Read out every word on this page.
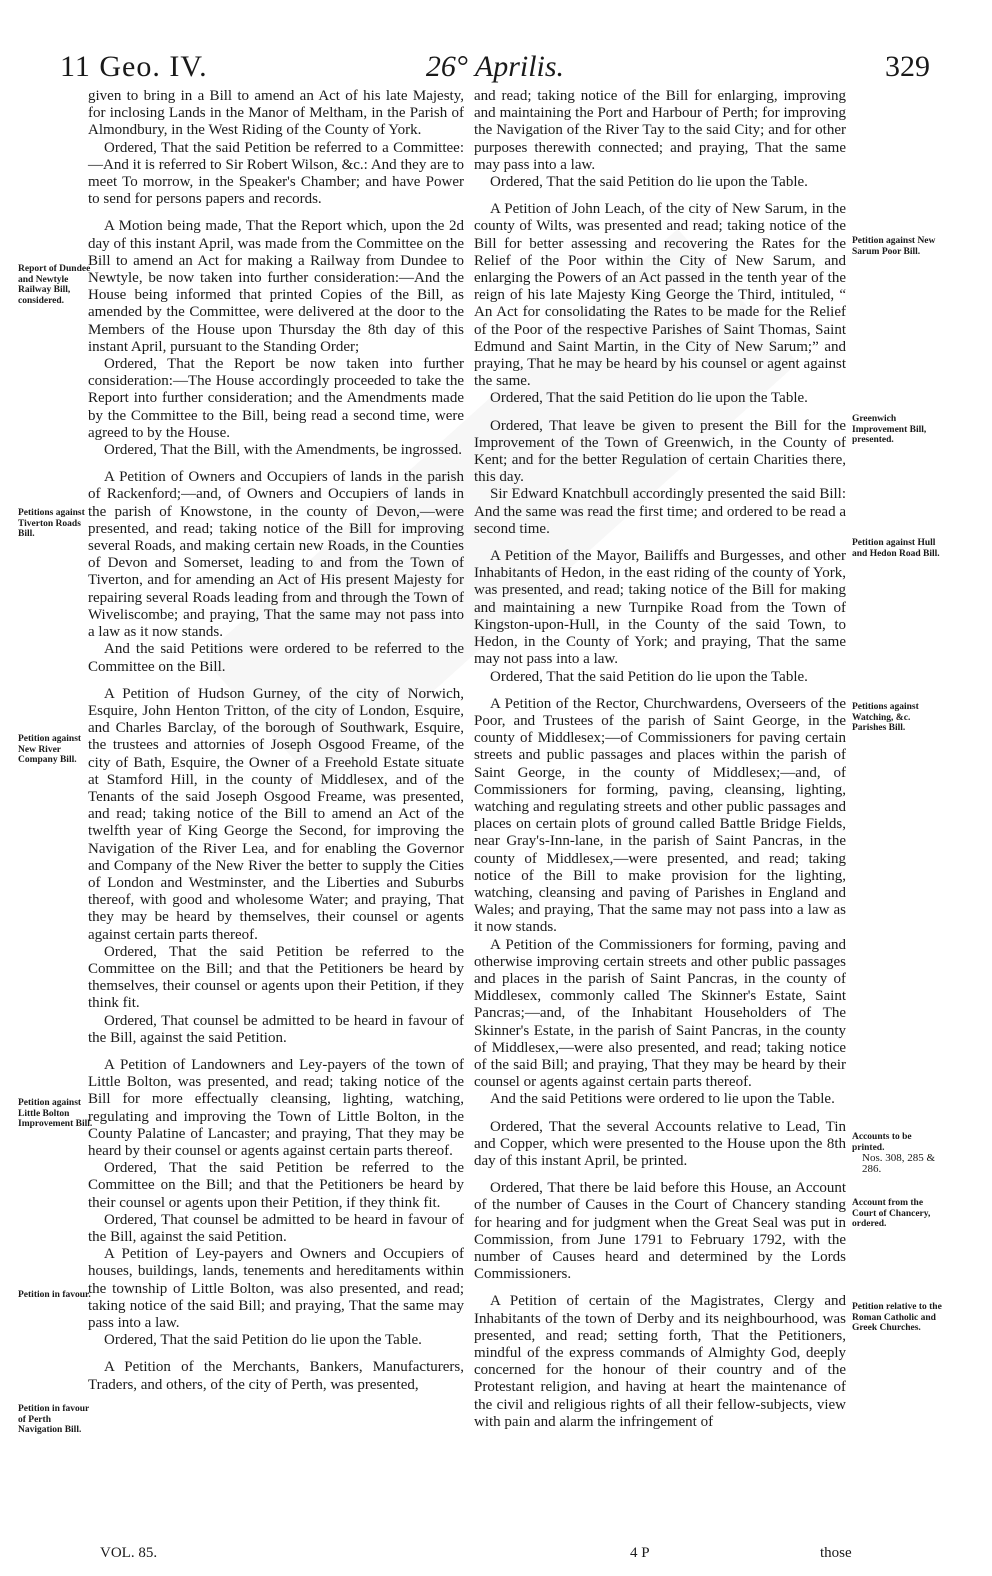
11 Geo. IV.	26° Aprilis.	329
Report of Dundee and Newtyle Railway Bill, considered.
Petitions against Tiverton Roads Bill.
Petition against New River Company Bill.
Petition against Little Bolton Improvement Bill.
Petition in favour.
Petition in favour of Perth Navigation Bill.
Petition against New Sarum Poor Bill.
Greenwich Improvement Bill, presented.
Petition against Hull and Hedon Road Bill.
Petitions against Watching, &c. Parishes Bill.
Accounts to be printed.
Nos. 308, 285 & 286.
Account from the Court of Chancery, ordered.
Petition relative to the Roman Catholic and Greek Churches.

given to bring in a Bill to amend an Act of his late Majesty, for inclosing Lands in the Manor of Meltham, in the Parish of Almondbury, in the West Riding of the County of York.

Ordered, That the said Petition be referred to a Committee:—And it is referred to Sir Robert Wilson, &c.: And they are to meet To morrow, in the Speaker's Chamber; and have Power to send for persons papers and records.

A Motion being made, That the Report which, upon the 2d day of this instant April, was made from the Committee on the Bill to amend an Act for making a Railway from Dundee to Newtyle, be now taken into further consideration:—And the House being informed that printed Copies of the Bill, as amended by the Committee, were delivered at the door to the Members of the House upon Thursday the 8th day of this instant April, pursuant to the Standing Order;

Ordered, That the Report be now taken into further consideration:—The House accordingly proceeded to take the Report into further consideration; and the Amendments made by the Committee to the Bill, being read a second time, were agreed to by the House.

Ordered, That the Bill, with the Amendments, be ingrossed.

A Petition of Owners and Occupiers of lands in the parish of Rackenford;—and, of Owners and Occupiers of lands in the parish of Knowstone, in the county of Devon,—were presented, and read; taking notice of the Bill for improving several Roads, and making certain new Roads, in the Counties of Devon and Somerset, leading to and from the Town of Tiverton, and for amending an Act of His present Majesty for repairing several Roads leading from and through the Town of Wiveliscombe; and praying, That the same may not pass into a law as it now stands.

And the said Petitions were ordered to be referred to the Committee on the Bill.

A Petition of Hudson Gurney, of the city of Norwich, Esquire, John Henton Tritton, of the city of London, Esquire, and Charles Barclay, of the borough of Southwark, Esquire, the trustees and attornies of Joseph Osgood Freame, of the city of Bath, Esquire, the Owner of a Freehold Estate situate at Stamford Hill, in the county of Middlesex, and of the Tenants of the said Joseph Osgood Freame, was presented, and read; taking notice of the Bill to amend an Act of the twelfth year of King George the Second, for improving the Navigation of the River Lea, and for enabling the Governor and Company of the New River the better to supply the Cities of London and Westminster, and the Liberties and Suburbs thereof, with good and wholesome Water; and praying, That they may be heard by themselves, their counsel or agents against certain parts thereof.

Ordered, That the said Petition be referred to the Committee on the Bill; and that the Petitioners be heard by themselves, their counsel or agents upon their Petition, if they think fit.

Ordered, That counsel be admitted to be heard in favour of the Bill, against the said Petition.

A Petition of Landowners and Ley-payers of the town of Little Bolton, was presented, and read; taking notice of the Bill for more effectually cleansing, lighting, watching, regulating and improving the Town of Little Bolton, in the County Palatine of Lancaster; and praying, That they may be heard by their counsel or agents against certain parts thereof.

Ordered, That the said Petition be referred to the Committee on the Bill; and that the Petitioners be heard by their counsel or agents upon their Petition, if they think fit.

Ordered, That counsel be admitted to be heard in favour of the Bill, against the said Petition.

A Petition of Ley-payers and Owners and Occupiers of houses, buildings, lands, tenements and hereditaments within the township of Little Bolton, was also presented, and read; taking notice of the said Bill; and praying, That the same may pass into a law.

Ordered, That the said Petition do lie upon the Table.

A Petition of the Merchants, Bankers, Manufacturers, Traders, and others, of the city of Perth, was presented,

and read; taking notice of the Bill for enlarging, improving and maintaining the Port and Harbour of Perth; for improving the Navigation of the River Tay to the said City; and for other purposes therewith connected; and praying, That the same may pass into a law.

Ordered, That the said Petition do lie upon the Table.

A Petition of John Leach, of the city of New Sarum, in the county of Wilts, was presented and read; taking notice of the Bill for better assessing and recovering the Rates for the Relief of the Poor within the City of New Sarum, and enlarging the Powers of an Act passed in the tenth year of the reign of his late Majesty King George the Third, intituled, “ An Act for consolidating the Rates to be made for the Relief of the Poor of the respective Parishes of Saint Thomas, Saint Edmund and Saint Martin, in the City of New Sarum;” and praying, That he may be heard by his counsel or agent against the same.

Ordered, That the said Petition do lie upon the Table.

Ordered, That leave be given to present the Bill for the Improvement of the Town of Greenwich, in the County of Kent; and for the better Regulation of certain Charities there, this day.

Sir Edward Knatchbull accordingly presented the said Bill: And the same was read the first time; and ordered to be read a second time.

A Petition of the Mayor, Bailiffs and Burgesses, and other Inhabitants of Hedon, in the east riding of the county of York, was presented, and read; taking notice of the Bill for making and maintaining a new Turnpike Road from the Town of Kingston-upon-Hull, in the County of the said Town, to Hedon, in the County of York; and praying, That the same may not pass into a law.

Ordered, That the said Petition do lie upon the Table.

A Petition of the Rector, Churchwardens, Overseers of the Poor, and Trustees of the parish of Saint George, in the county of Middlesex;—of Commissioners for paving certain streets and public passages and places within the parish of Saint George, in the county of Middlesex;—and, of Commissioners for forming, paving, cleansing, lighting, watching and regulating streets and other public passages and places on certain plots of ground called Battle Bridge Fields, near Gray's-Inn-lane, in the parish of Saint Pancras, in the county of Middlesex,—were presented, and read; taking notice of the Bill to make provision for the lighting, watching, cleansing and paving of Parishes in England and Wales; and praying, That the same may not pass into a law as it now stands.

A Petition of the Commissioners for forming, paving and otherwise improving certain streets and other public passages and places in the parish of Saint Pancras, in the county of Middlesex, commonly called The Skinner's Estate, Saint Pancras;—and, of the Inhabitant Householders of The Skinner's Estate, in the parish of Saint Pancras, in the county of Middlesex,—were also presented, and read; taking notice of the said Bill; and praying, That they may be heard by their counsel or agents against certain parts thereof.

And the said Petitions were ordered to lie upon the Table.

Ordered, That the several Accounts relative to Lead, Tin and Copper, which were presented to the House upon the 8th day of this instant April, be printed.

Ordered, That there be laid before this House, an Account of the number of Causes in the Court of Chancery standing for hearing and for judgment when the Great Seal was put in Commission, from June 1791 to February 1792, with the number of Causes heard and determined by the Lords Commissioners.

A Petition of certain of the Magistrates, Clergy and Inhabitants of the town of Derby and its neighbourhood, was presented, and read; setting forth, That the Petitioners, mindful of the express commands of Almighty God, deeply concerned for the honour of their country and of the Protestant religion, and having at heart the maintenance of the civil and religious rights of all their fellow-subjects, view with pain and alarm the infringement of

VOL. 85.	4 P	those
